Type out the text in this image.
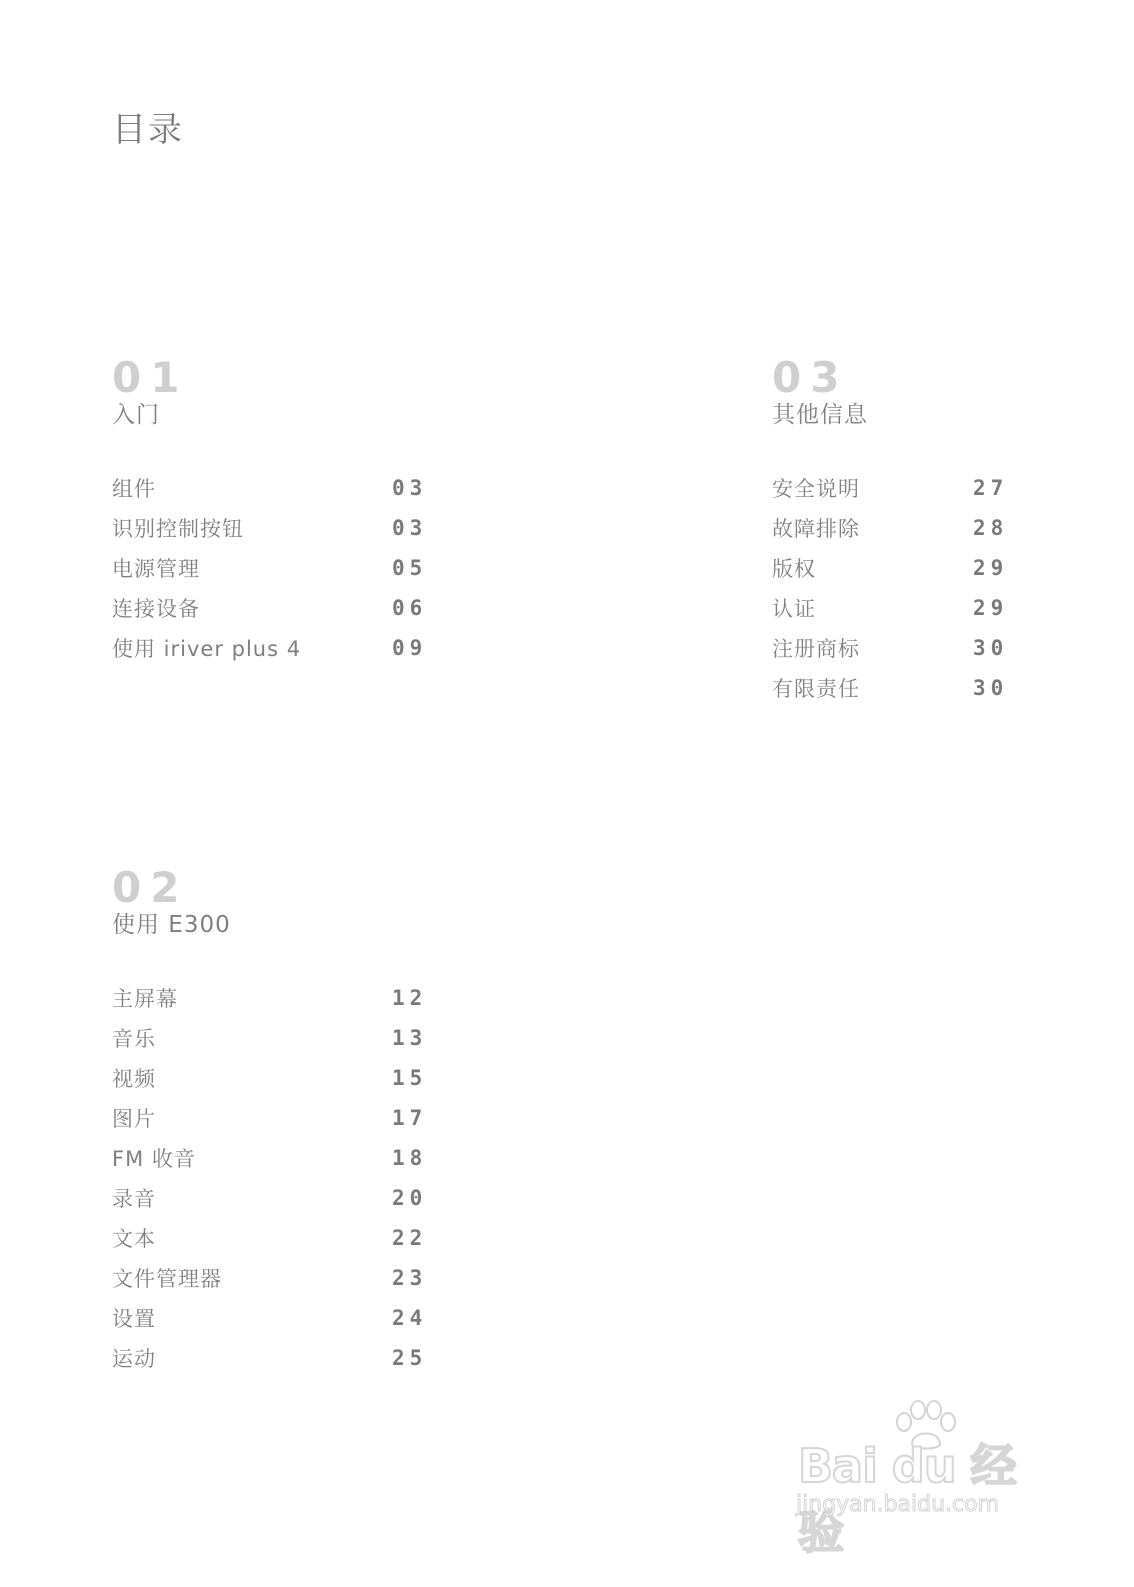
目录
01
入门
组件	03
识别控制按钮	03
电源管理	05
连接设备	06
使用 iriver plus 4	09
02
使用 E300
主屏幕	12
音乐	13
视频	15
图片	17
FM 收音	18
录音	20
文本	22
文件管理器	23
设置	24
运动	25
03
其他信息
安全说明	27
故障排除	28
版权	29
认证	29
注册商标	30
有限责任	30
Bai du 经验
jingyan.baidu.com
